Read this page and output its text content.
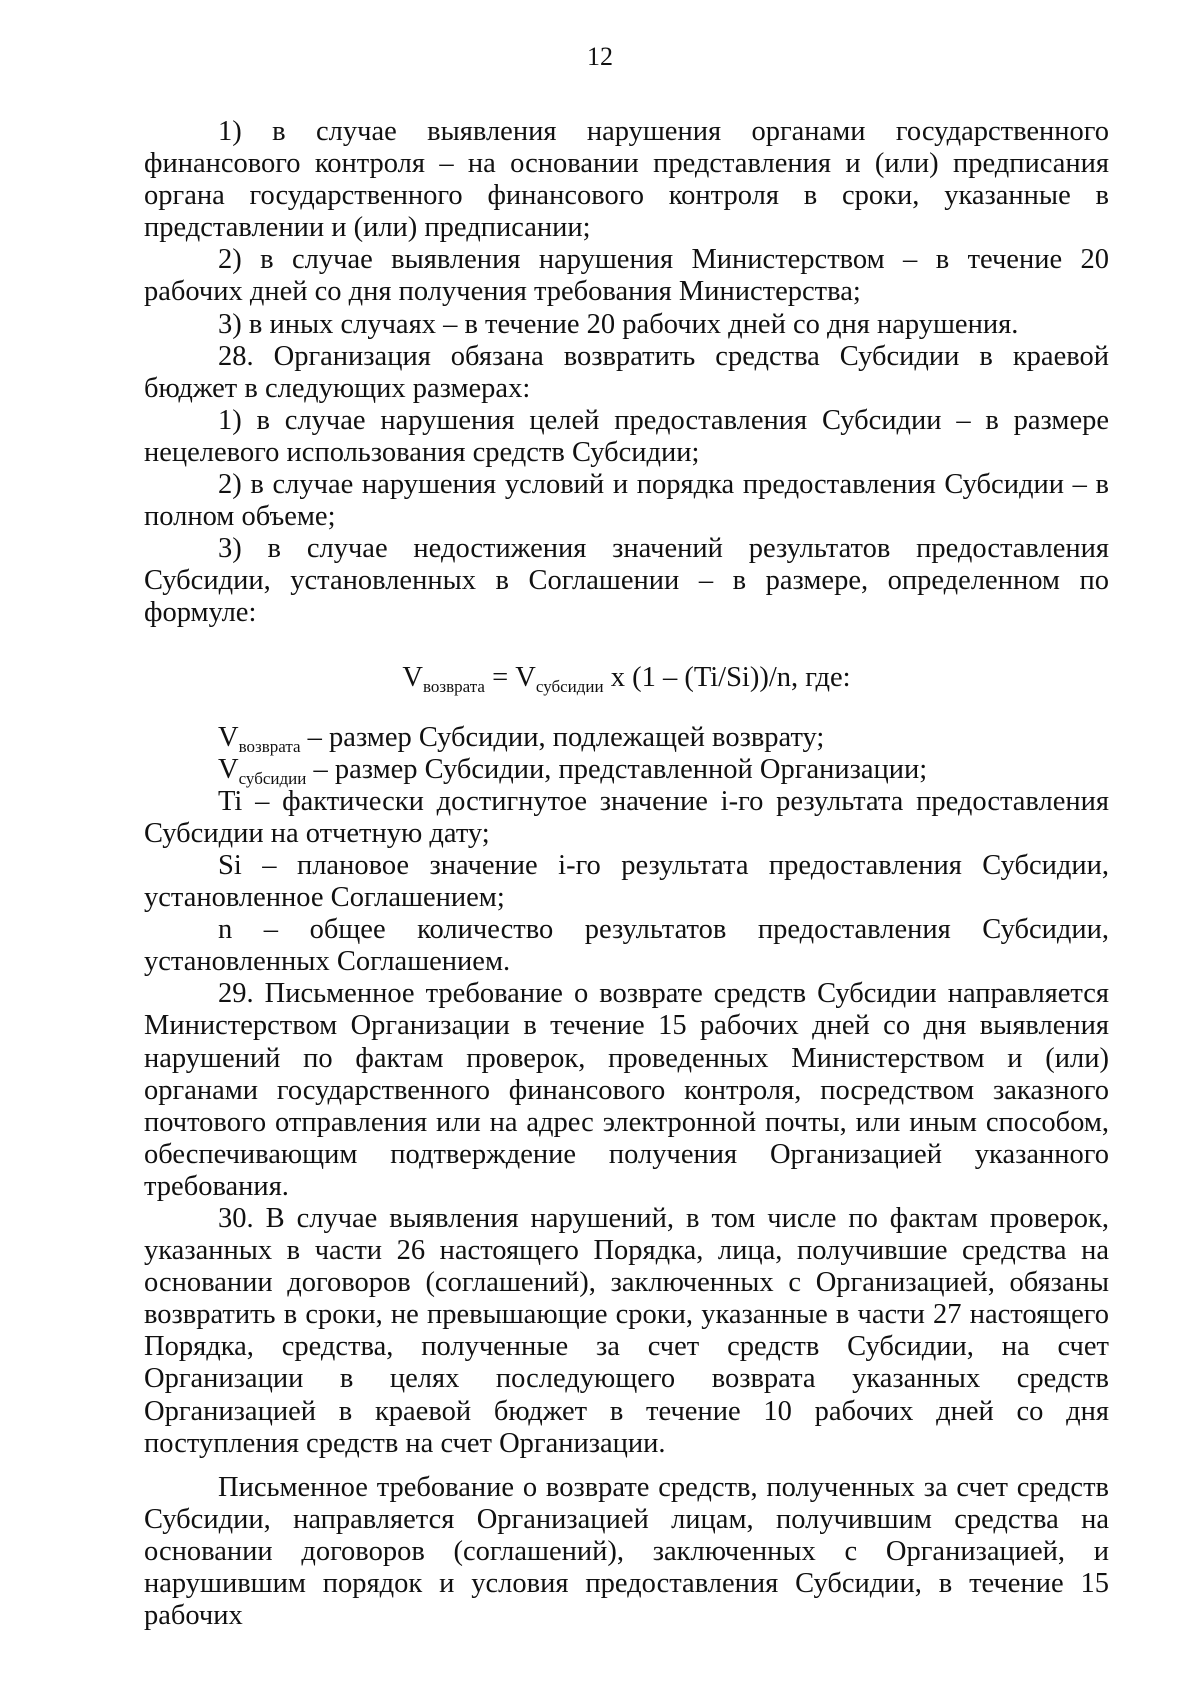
12

1) в случае выявления нарушения органами государственного финансового контроля – на основании представления и (или) предписания органа государственного финансового контроля в сроки, указанные в представлении и (или) предписании;

2) в случае выявления нарушения Министерством – в течение 20 рабочих дней со дня получения требования Министерства;

3) в иных случаях – в течение 20 рабочих дней со дня нарушения.

28. Организация обязана возвратить средства Субсидии в краевой бюджет в следующих размерах:

1) в случае нарушения целей предоставления Субсидии – в размере нецелевого использования средств Субсидии;

2) в случае нарушения условий и порядка предоставления Субсидии – в полном объеме;

3) в случае недостижения значений результатов предоставления Субсидии, установленных в Соглашении – в размере, определенном по формуле:

$V_{возврата} = V_{субсидии}$ х (1 – (Ti/Si))/n, где:

$V_{возврата}$ – размер Субсидии, подлежащей возврату;

$V_{субсидии}$ – размер Субсидии, представленной Организации;

Ti – фактически достигнутое значение i-го результата предоставления Субсидии на отчетную дату;

Si – плановое значение i-го результата предоставления Субсидии, установленное Соглашением;

n – общее количество результатов предоставления Субсидии, установленных Соглашением.

29. Письменное требование о возврате средств Субсидии направляется Министерством Организации в течение 15 рабочих дней со дня выявления нарушений по фактам проверок, проведенных Министерством и (или) органами государственного финансового контроля, посредством заказного почтового отправления или на адрес электронной почты, или иным способом, обеспечивающим подтверждение получения Организацией указанного требования.

30. В случае выявления нарушений, в том числе по фактам проверок, указанных в части 26 настоящего Порядка, лица, получившие средства на основании договоров (соглашений), заключенных с Организацией, обязаны возвратить в сроки, не превышающие сроки, указанные в части 27 настоящего Порядка, средства, полученные за счет средств Субсидии, на счет Организации в целях последующего возврата указанных средств Организацией в краевой бюджет в течение 10 рабочих дней со дня поступления средств на счет Организации.

Письменное требование о возврате средств, полученных за счет средств Субсидии, направляется Организацией лицам, получившим средства на основании договоров (соглашений), заключенных с Организацией, и нарушившим порядок и условия предоставления Субсидии, в течение 15 рабочих
